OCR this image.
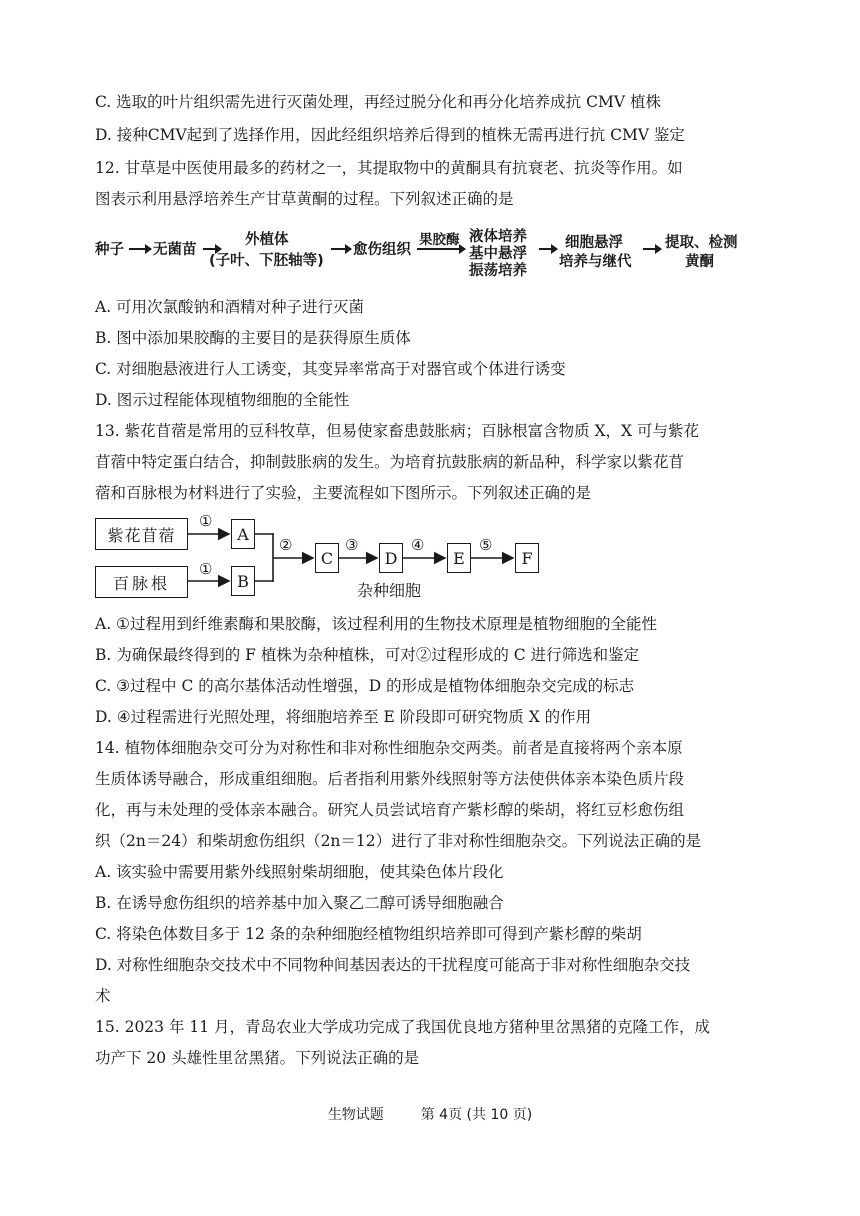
C. 选取的叶片组织需先进行灭菌处理，再经过脱分化和再分化培养成抗 CMV 植株
D. 接种CMV起到了选择作用，因此经组织培养后得到的植株无需再进行抗 CMV 鉴定
12. 甘草是中医使用最多的药材之一，其提取物中的黄酮具有抗衰老、抗炎等作用。如
图表示利用悬浮培养生产甘草黄酮的过程。下列叙述正确的是
种子 无菌苗
外植体
(子叶、下胚轴等)
愈伤组织
果胶酶 液体培养
基中悬浮
振荡培养
细胞悬浮
培养与继代
提取、检测
黄酮
A. 可用次氯酸钠和酒精对种子进行灭菌
B. 图中添加果胶酶的主要目的是获得原生质体
C. 对细胞悬液进行人工诱变，其变异率常高于对器官或个体进行诱变
D. 图示过程能体现植物细胞的全能性
13. 紫花苜蓿是常用的豆科牧草，但易使家畜患鼓胀病；百脉根富含物质 X，X 可与紫花
苜蓿中特定蛋白结合，抑制鼓胀病的发生。为培育抗鼓胀病的新品种，科学家以紫花苜
蓿和百脉根为材料进行了实验，主要流程如下图所示。下列叙述正确的是
紫花苜蓿
百脉根
①
①
A
B
②
C
③
D
④
E
⑤
F
杂种细胞
A. ①过程用到纤维素酶和果胶酶，该过程利用的生物技术原理是植物细胞的全能性
B. 为确保最终得到的 F 植株为杂种植株，可对②过程形成的 C 进行筛选和鉴定
C. ③过程中 C 的高尔基体活动性增强，D 的形成是植物体细胞杂交完成的标志
D. ④过程需进行光照处理，将细胞培养至 E 阶段即可研究物质 X 的作用
14. 植物体细胞杂交可分为对称性和非对称性细胞杂交两类。前者是直接将两个亲本原
生质体诱导融合，形成重组细胞。后者指利用紫外线照射等方法使供体亲本染色质片段
化，再与未处理的受体亲本融合。研究人员尝试培育产紫杉醇的柴胡，将红豆杉愈伤组
织（2n＝24）和柴胡愈伤组织（2n＝12）进行了非对称性细胞杂交。下列说法正确的是
A. 该实验中需要用紫外线照射柴胡细胞，使其染色体片段化
B. 在诱导愈伤组织的培养基中加入聚乙二醇可诱导细胞融合
C. 将染色体数目多于 12 条的杂种细胞经植物组织培养即可得到产紫杉醇的柴胡
D. 对称性细胞杂交技术中不同物种间基因表达的干扰程度可能高于非对称性细胞杂交技
术
15. 2023 年 11 月，青岛农业大学成功完成了我国优良地方猪种里岔黑猪的克隆工作，成
功产下 20 头雄性里岔黑猪。下列说法正确的是
生物试题	第 4页 (共 10 页)
